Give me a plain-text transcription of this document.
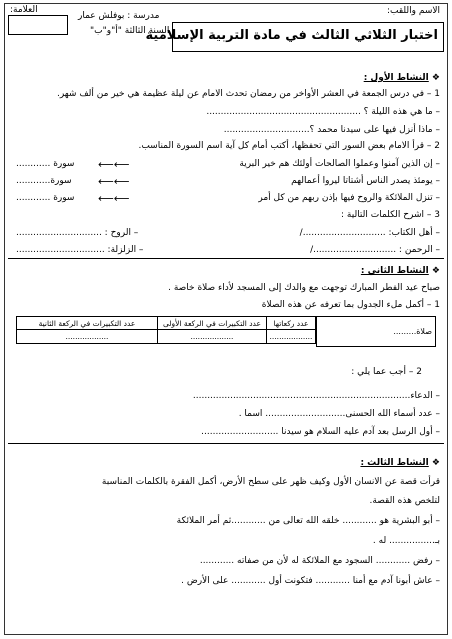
الاسم واللقب:
العلامة:
مدرسة : بوفلش عمار
السنة الثالثة "أ"و"ب"
اختبار الثلاثي الثالث في مادة التربية الإسلامية
❖ النشاط الأول :
1 – في درس الجمعة في العشر الأواخر من رمضان تحدث الامام عن ليلة عظيمة هي خير من ألف شهر.
– ما هي هذه الليلة ؟ ......................................................
– ماذا أنزل فيها على سيدنا محمد ؟..............................
2 – قرأ الامام بعض السور التي تحفظها، أكتب أمام كل آية اسم السورة المناسب.
– إن الذين آمنوا وعملوا الصالحات أولئك هم خير البرية
⟵⟵
سورة ............
– يومئذ يصدر الناس أشتاتا ليروا أعمالهم
⟵⟵
سورة............
– تنزل الملائكة والروح فيها بإذن ربهم من كل أمر
⟵⟵
سورة ............
3 – اشرح الكلمات التالية :
– أهل الكتاب: ............................./
– الروح : ..............................
– الرحمن : ............................./
– الزلزلة: ...............................
❖ النشاط الثاني :
صباح عيد الفطر المبارك توجهت مع والدك إلى المسجد لأداء صلاة خاصة .
1 – أكمل ملء الجدول بما تعرفه عن هذه الصلاة
عدد ركعاتها	عدد التكبيرات في الركعة الأولى	عدد التكبيرات في الركعة الثانية
..................	..................	..................
صلاة.........
2 – أجب عما يلي :
– الدعاء............................................................................
– عدد أسماء الله الحسنى............................ اسما .
– أول الرسل بعد آدم عليه السلام هو سيدنا ...........................
❖ النشاط الثالث :
قرأت قصة عن الانسان الأول وكيف ظهر على سطح الأرض، أكمل الفقرة بالكلمات المناسبة
لتلخص هذه القصة.
– أبو البشرية هو ............ خلقه الله تعالى من ............ثم أمر الملائكة
بـ................ له .
– رفض ............ السجود مع الملائكة له لأن من صفاته ............
– عاش أبونا آدم مع أمنا ............ فتكونت أول ............ على الأرض .
